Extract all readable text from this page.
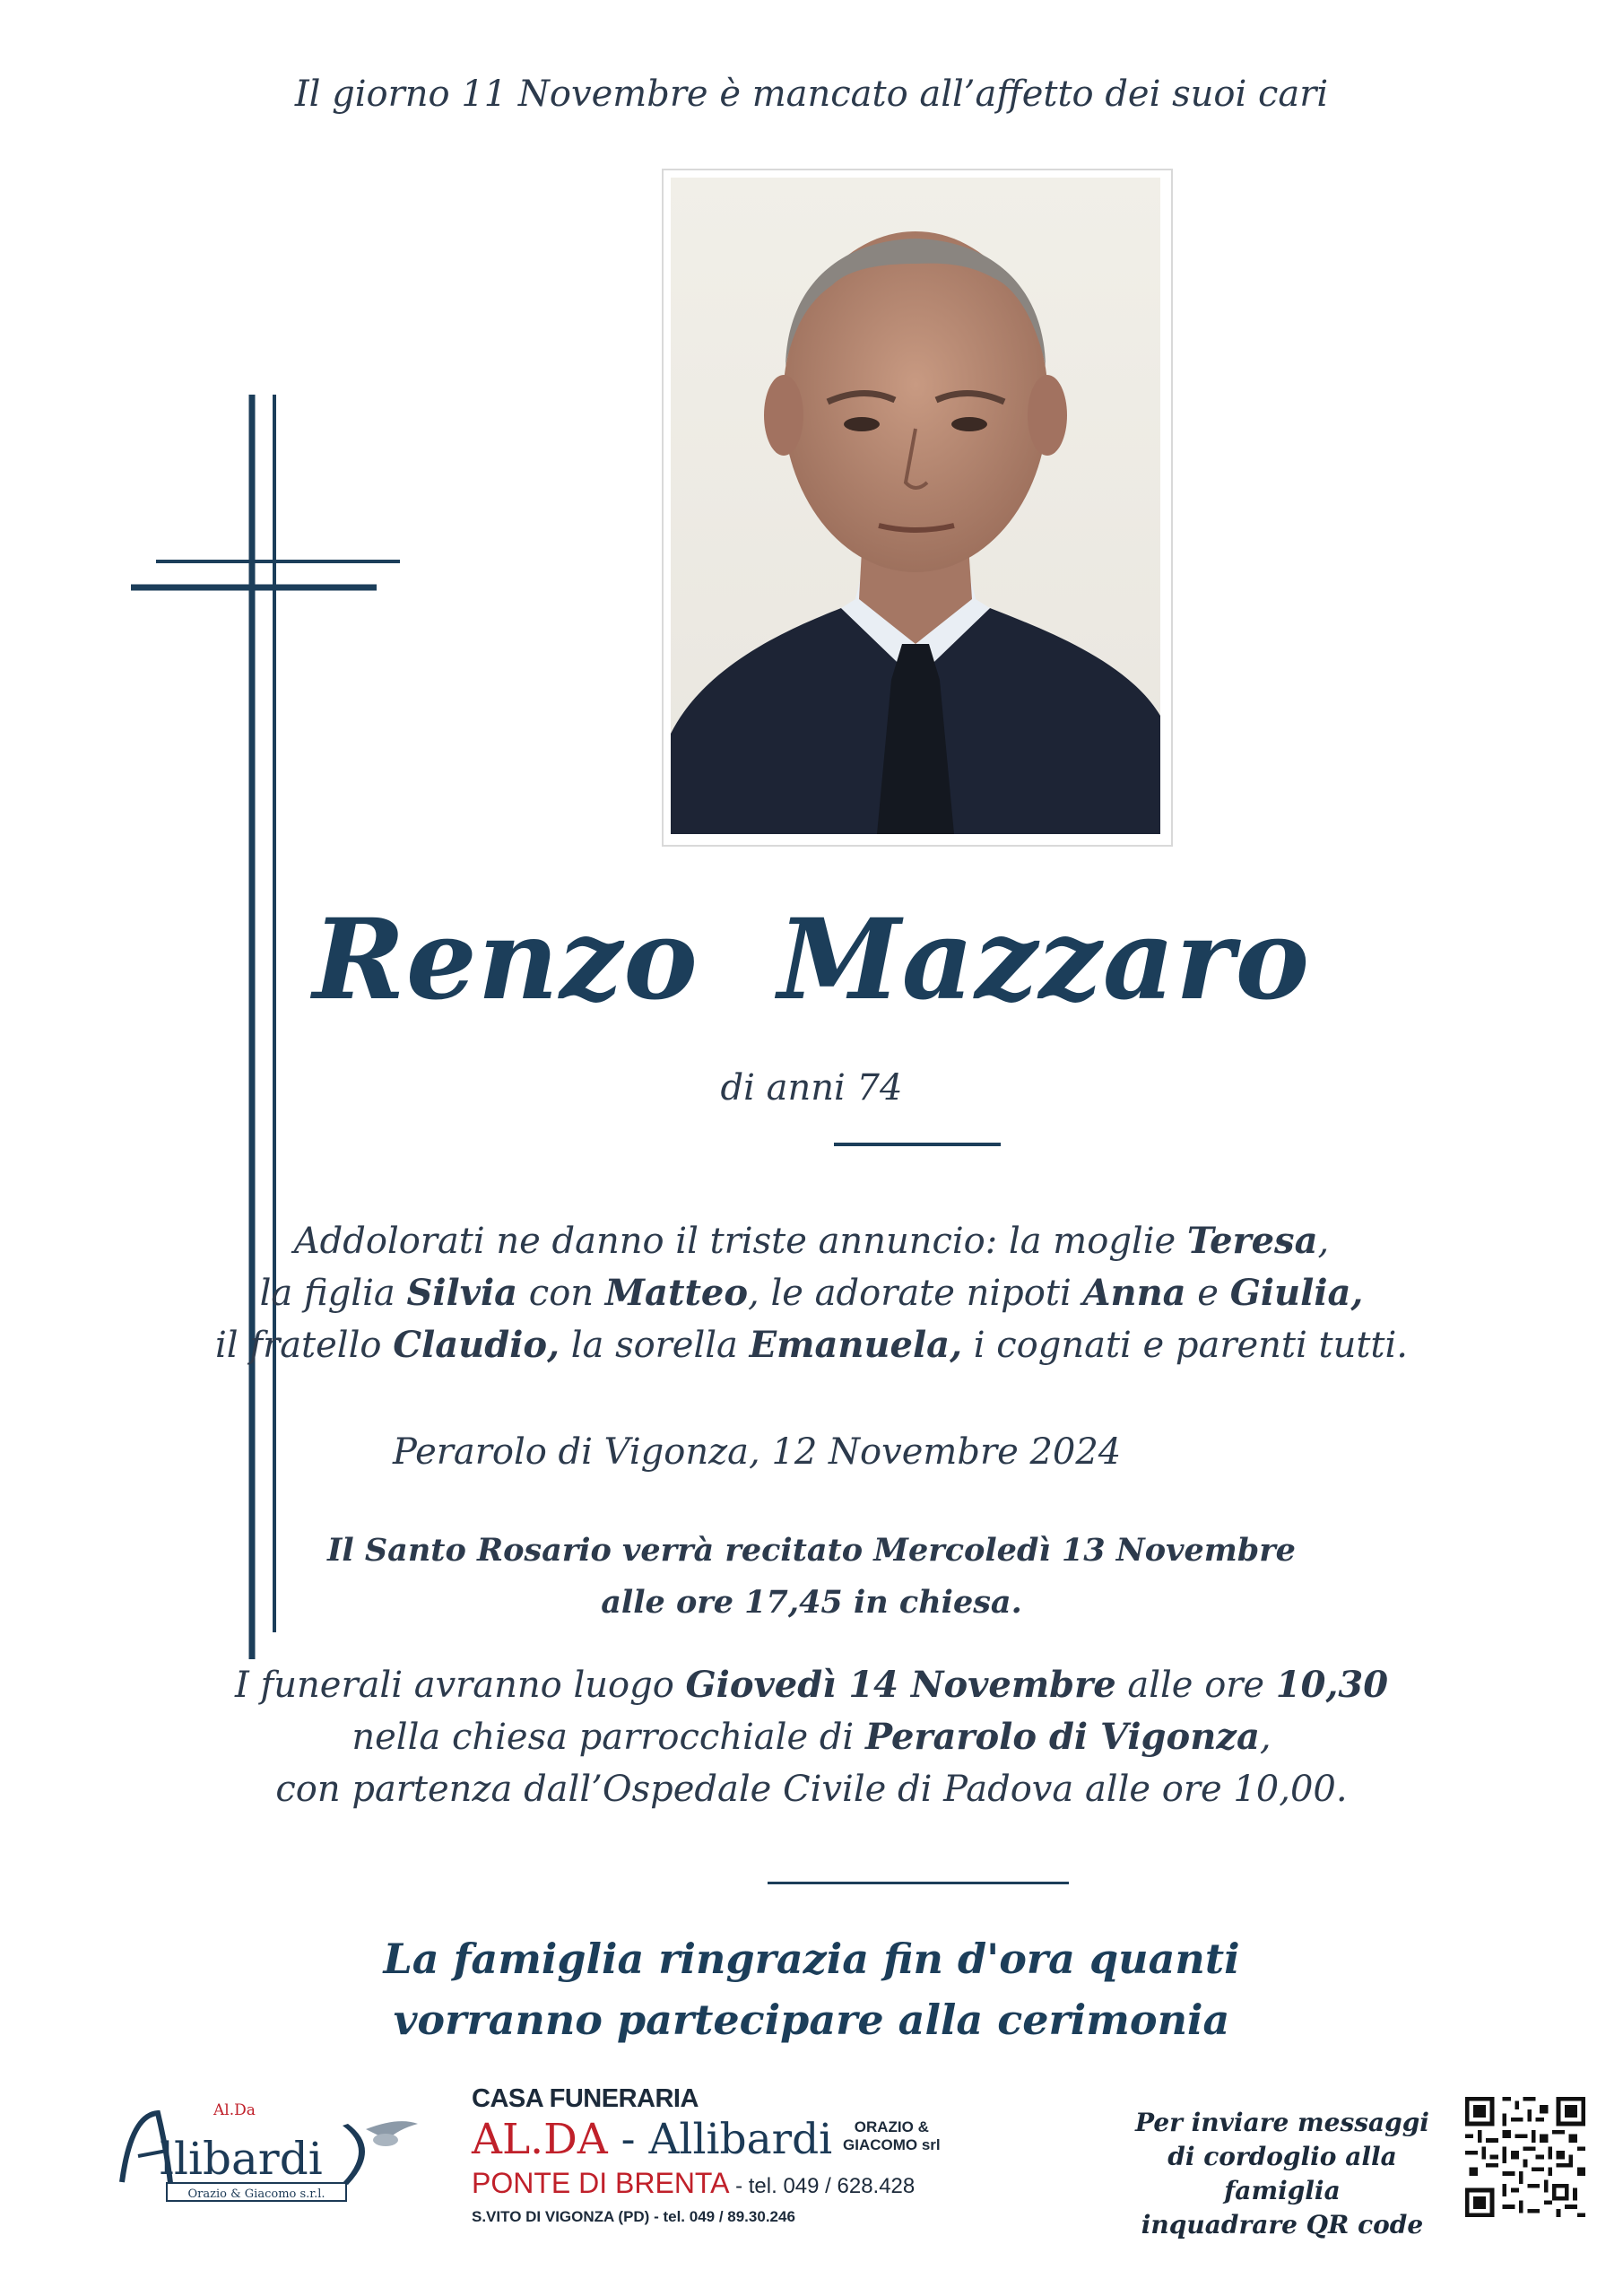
Il giorno 11 Novembre è mancato all’affetto dei suoi cari
Renzo  Mazzaro
di anni 74
Addolorati ne danno il triste annuncio: la moglie Teresa,
la figlia Silvia con Matteo, le adorate nipoti Anna e Giulia,
il fratello Claudio, la sorella Emanuela, i cognati e parenti tutti.
Perarolo di Vigonza, 12 Novembre 2024
Il Santo Rosario verrà recitato Mercoledì 13 Novembre
alle ore 17,45 in chiesa.
I funerali avranno luogo Giovedì 14 Novembre alle ore 10,30
nella chiesa parrocchiale di Perarolo di Vigonza,
con partenza dall’Ospedale Civile di Padova alle ore 10,00.
La famiglia ringrazia fin d'ora quanti
vorranno partecipare alla cerimonia
Al.Da
llibardi
Orazio & Giacomo s.r.l.
CASA FUNERARIA
AL.DA - Allibardi	ORAZIO &
GIACOMO srl
PONTE DI BRENTA - tel. 049 / 628.428
S.VITO DI VIGONZA (PD) - tel. 049 / 89.30.246
Per inviare messaggi
di cordoglio alla famiglia
inquadrare QR code
